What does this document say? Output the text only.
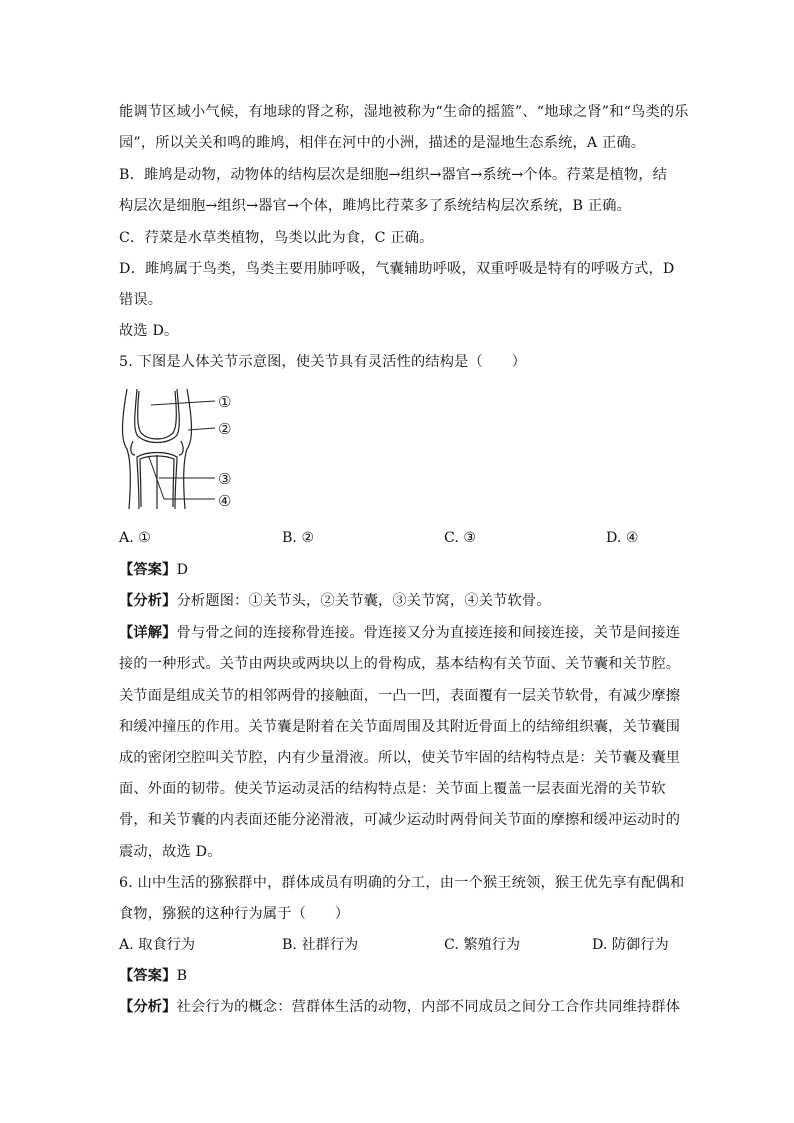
能调节区域小气候，有地球的肾之称，湿地被称为“生命的摇篮”、“地球之肾”和“鸟类的乐
园”，所以关关和鸣的雎鸠，相伴在河中的小洲，描述的是湿地生态系统，A 正确。
B．雎鸠是动物，动物体的结构层次是细胞→组织→器官→系统→个体。荇菜是植物，结
构层次是细胞→组织→器官→个体，雎鸠比荇菜多了系统结构层次系统，B 正确。
C．荇菜是水草类植物，鸟类以此为食，C 正确。
D．雎鸠属于鸟类，鸟类主要用肺呼吸，气囊辅助呼吸，双重呼吸是特有的呼吸方式，D
错误。
故选 D。
5. 下图是人体关节示意图，使关节具有灵活性的结构是（　　）
①
②
③
④
A. ①	B. ②	C. ③	D. ④
【答案】D
【分析】分析题图：①关节头，②关节囊，③关节窝，④关节软骨。
【详解】骨与骨之间的连接称骨连接。骨连接又分为直接连接和间接连接，关节是间接连
接的一种形式。关节由两块或两块以上的骨构成，基本结构有关节面、关节囊和关节腔。
关节面是组成关节的相邻两骨的接触面，一凸一凹，表面覆有一层关节软骨，有减少摩擦
和缓冲撞压的作用。关节囊是附着在关节面周围及其附近骨面上的结缔组织囊，关节囊围
成的密闭空腔叫关节腔，内有少量滑液。所以，使关节牢固的结构特点是：关节囊及囊里
面、外面的韧带。使关节运动灵活的结构特点是：关节面上覆盖一层表面光滑的关节软
骨，和关节囊的内表面还能分泌滑液，可减少运动时两骨间关节面的摩擦和缓冲运动时的
震动，故选 D。
6. 山中生活的猕猴群中，群体成员有明确的分工，由一个猴王统领，猴王优先享有配偶和
食物，猕猴的这种行为属于（　　）
A. 取食行为	B. 社群行为	C. 繁殖行为	D. 防御行为
【答案】B
【分析】社会行为的概念：营群体生活的动物，内部不同成员之间分工合作共同维持群体
